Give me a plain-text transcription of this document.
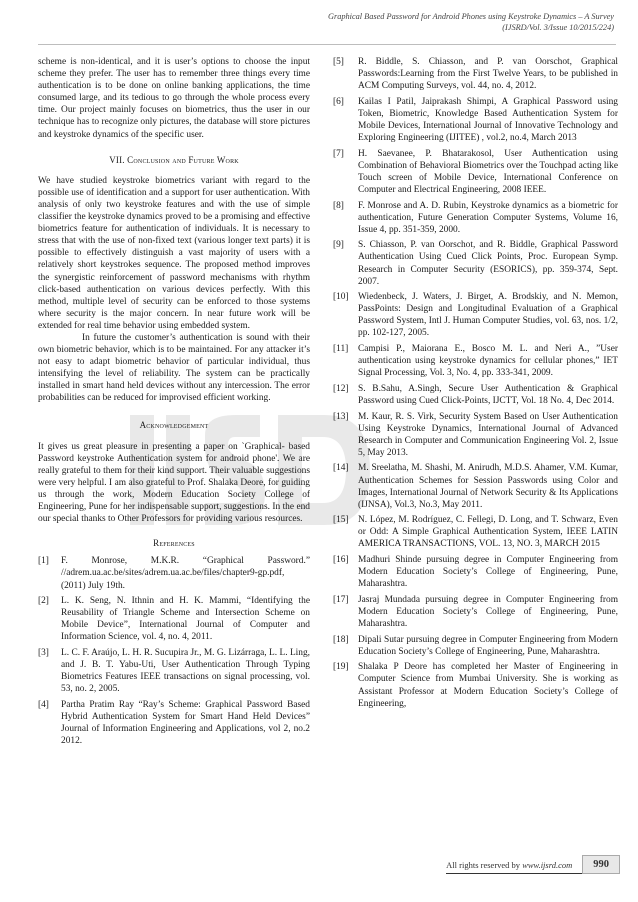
Graphical Based Password for Android Phones using Keystroke Dynamics – A Survey
(IJSRD/Vol. 3/Issue 10/2015/224)

scheme is non-identical, and it is user’s options to choose the input scheme they prefer. The user has to remember three things every time authentication is to be done on online banking applications, the time consumed large, and its tedious to go through the whole process every time. Our project mainly focuses on biometrics, thus the user in our technique has to recognize only pictures, the database will store pictures and keystroke dynamics of the specific user.

VII. Conclusion and Future Work

We have studied keystroke biometrics variant with regard to the possible use of identification and a support for user authentication. With analysis of only two keystroke features and with the use of simple classifier the keystroke dynamics proved to be a promising and effective biometrics feature for authentication of individuals. It is necessary to stress that with the use of non-fixed text (various longer text parts) it is possible to effectively distinguish a vast majority of users with a relatively short keystrokes sequence. The proposed method improves the synergistic reinforcement of password mechanisms with rhythm click-based authentication on various devices perfectly. With this method, multiple level of security can be enforced to those systems where security is the major concern. In near future work will be extended for real time behavior using embedded system.

In future the customer’s authentication is sound with their own biometric behavior, which is to be maintained. For any attacker it’s not easy to adapt biometric behavior of particular individual, thus intensifying the level of reliability. The system can be practically installed in smart hand held devices without any intercession. The error probabilities can be reduced for improvised efficient working.

Acknowledgement

It gives us great pleasure in presenting a paper on `Graphical- based Password keystroke Authentication system for android phone'. We are really grateful to them for their kind support. Their valuable suggestions were very helpful. I am also grateful to Prof. Shalaka Deore, for guiding us through the work, Modern Education Society College of Engineering, Pune for her indispensable support, suggestions. In the end our special thanks to Other Professors for providing various resources.

References
[1]	F. Monrose, M.K.R. “Graphical Password.” //adrem.ua.ac.be/sites/adrem.ua.ac.be/files/chapter9-gp.pdf, (2011) July 19th.
[2]	L. K. Seng, N. Ithnin and H. K. Mammi, “Identifying the Reusability of Triangle Scheme and Intersection Scheme on Mobile Device”, International Journal of Computer and Information Science, vol. 4, no. 4, 2011.
[3]	L. C. F. Araújo, L. H. R. Sucupira Jr., M. G. Lizárraga, L. L. Ling, and J. B. T. Yabu-Uti, User Authentication Through Typing Biometrics Features IEEE transactions on signal processing, vol. 53, no. 2, 2005.
[4]	Partha Pratim Ray “Ray’s Scheme: Graphical Password Based Hybrid Authentication System for Smart Hand Held Devices” Journal of Information Engineering and Applications, vol 2, no.2 2012.
[5]	R. Biddle, S. Chiasson, and P. van Oorschot, Graphical Passwords:Learning from the First Twelve Years, to be published in ACM Computing Surveys, vol. 44, no. 4, 2012.
[6]	Kailas I Patil, Jaiprakash Shimpi, A Graphical Password using Token, Biometric, Knowledge Based Authentication System for Mobile Devices, International Journal of Innovative Technology and Exploring Engineering (IJITEE) , vol.2, no.4, March 2013
[7]	H. Saevanee, P. Bhatarakosol, User Authentication using Combination of Behavioral Biometrics over the Touchpad acting like Touch screen of Mobile Device, International Conference on Computer and Electrical Engineering, 2008 IEEE.
[8]	F. Monrose and A. D. Rubin, Keystroke dynamics as a biometric for authentication, Future Generation Computer Systems, Volume 16, Issue 4, pp. 351-359, 2000.
[9]	S. Chiasson, P. van Oorschot, and R. Biddle, Graphical Password Authentication Using Cued Click Points, Proc. European Symp. Research in Computer Security (ESORICS), pp. 359-374, Sept. 2007.
[10] Wiedenbeck, J. Waters, J. Birget, A. Brodskiy, and N. Memon, PassPoints: Design and Longitudinal Evaluation of a Graphical Password System, Intl J. Human Computer Studies, vol. 63, nos. 1/2, pp. 102-127, 2005.
[11]	Campisi P., Maiorana E., Bosco M. L. and Neri A., ”User authentication using keystroke dynamics for cellular phones,” IET Signal Processing, Vol. 3, No. 4, pp. 333-341, 2009.
[12] S. B.Sahu, A.Singh, Secure User Authentication & Graphical Password using Cued Click-Points, IJCTT, Vol. 18 No. 4, Dec 2014.
[13] M. Kaur, R. S. Virk, Security System Based on User Authentication Using Keystroke Dynamics, International Journal of Advanced Research in Computer and Communication Engineering Vol. 2, Issue 5, May 2013.
[14] M. Sreelatha, M. Shashi, M. Anirudh, M.D.S. Ahamer, V.M. Kumar, Authentication Schemes for Session Passwords using Color and Images, International Journal of Network Security & Its Applications (IJNSA), Vol.3, No.3, May 2011.
[15] N. López, M. Rodríguez, C. Fellegi, D. Long, and T. Schwarz, Even or Odd: A Simple Graphical Authentication System, IEEE LATIN AMERICA TRANSACTIONS, VOL. 13, NO. 3, MARCH 2015
[16] Madhuri Shinde pursuing degree in Computer Engineering from Modern Education Society’s College of Engineering, Pune, Maharashtra.
[17] Jasraj Mundada pursuing degree in Computer Engineering from Modern Education Society’s College of Engineering, Pune, Maharashtra.
[18] Dipali Sutar pursuing degree in Computer Engineering from Modern Education Society’s College of Engineering, Pune, Maharashtra.
[19] Shalaka P Deore has completed her Master of Engineering in Computer Science from Mumbai University. She is working as Assistant Professor at Modern Education Society’s College of Engineering,
All rights reserved by www.ijsrd.com	990
